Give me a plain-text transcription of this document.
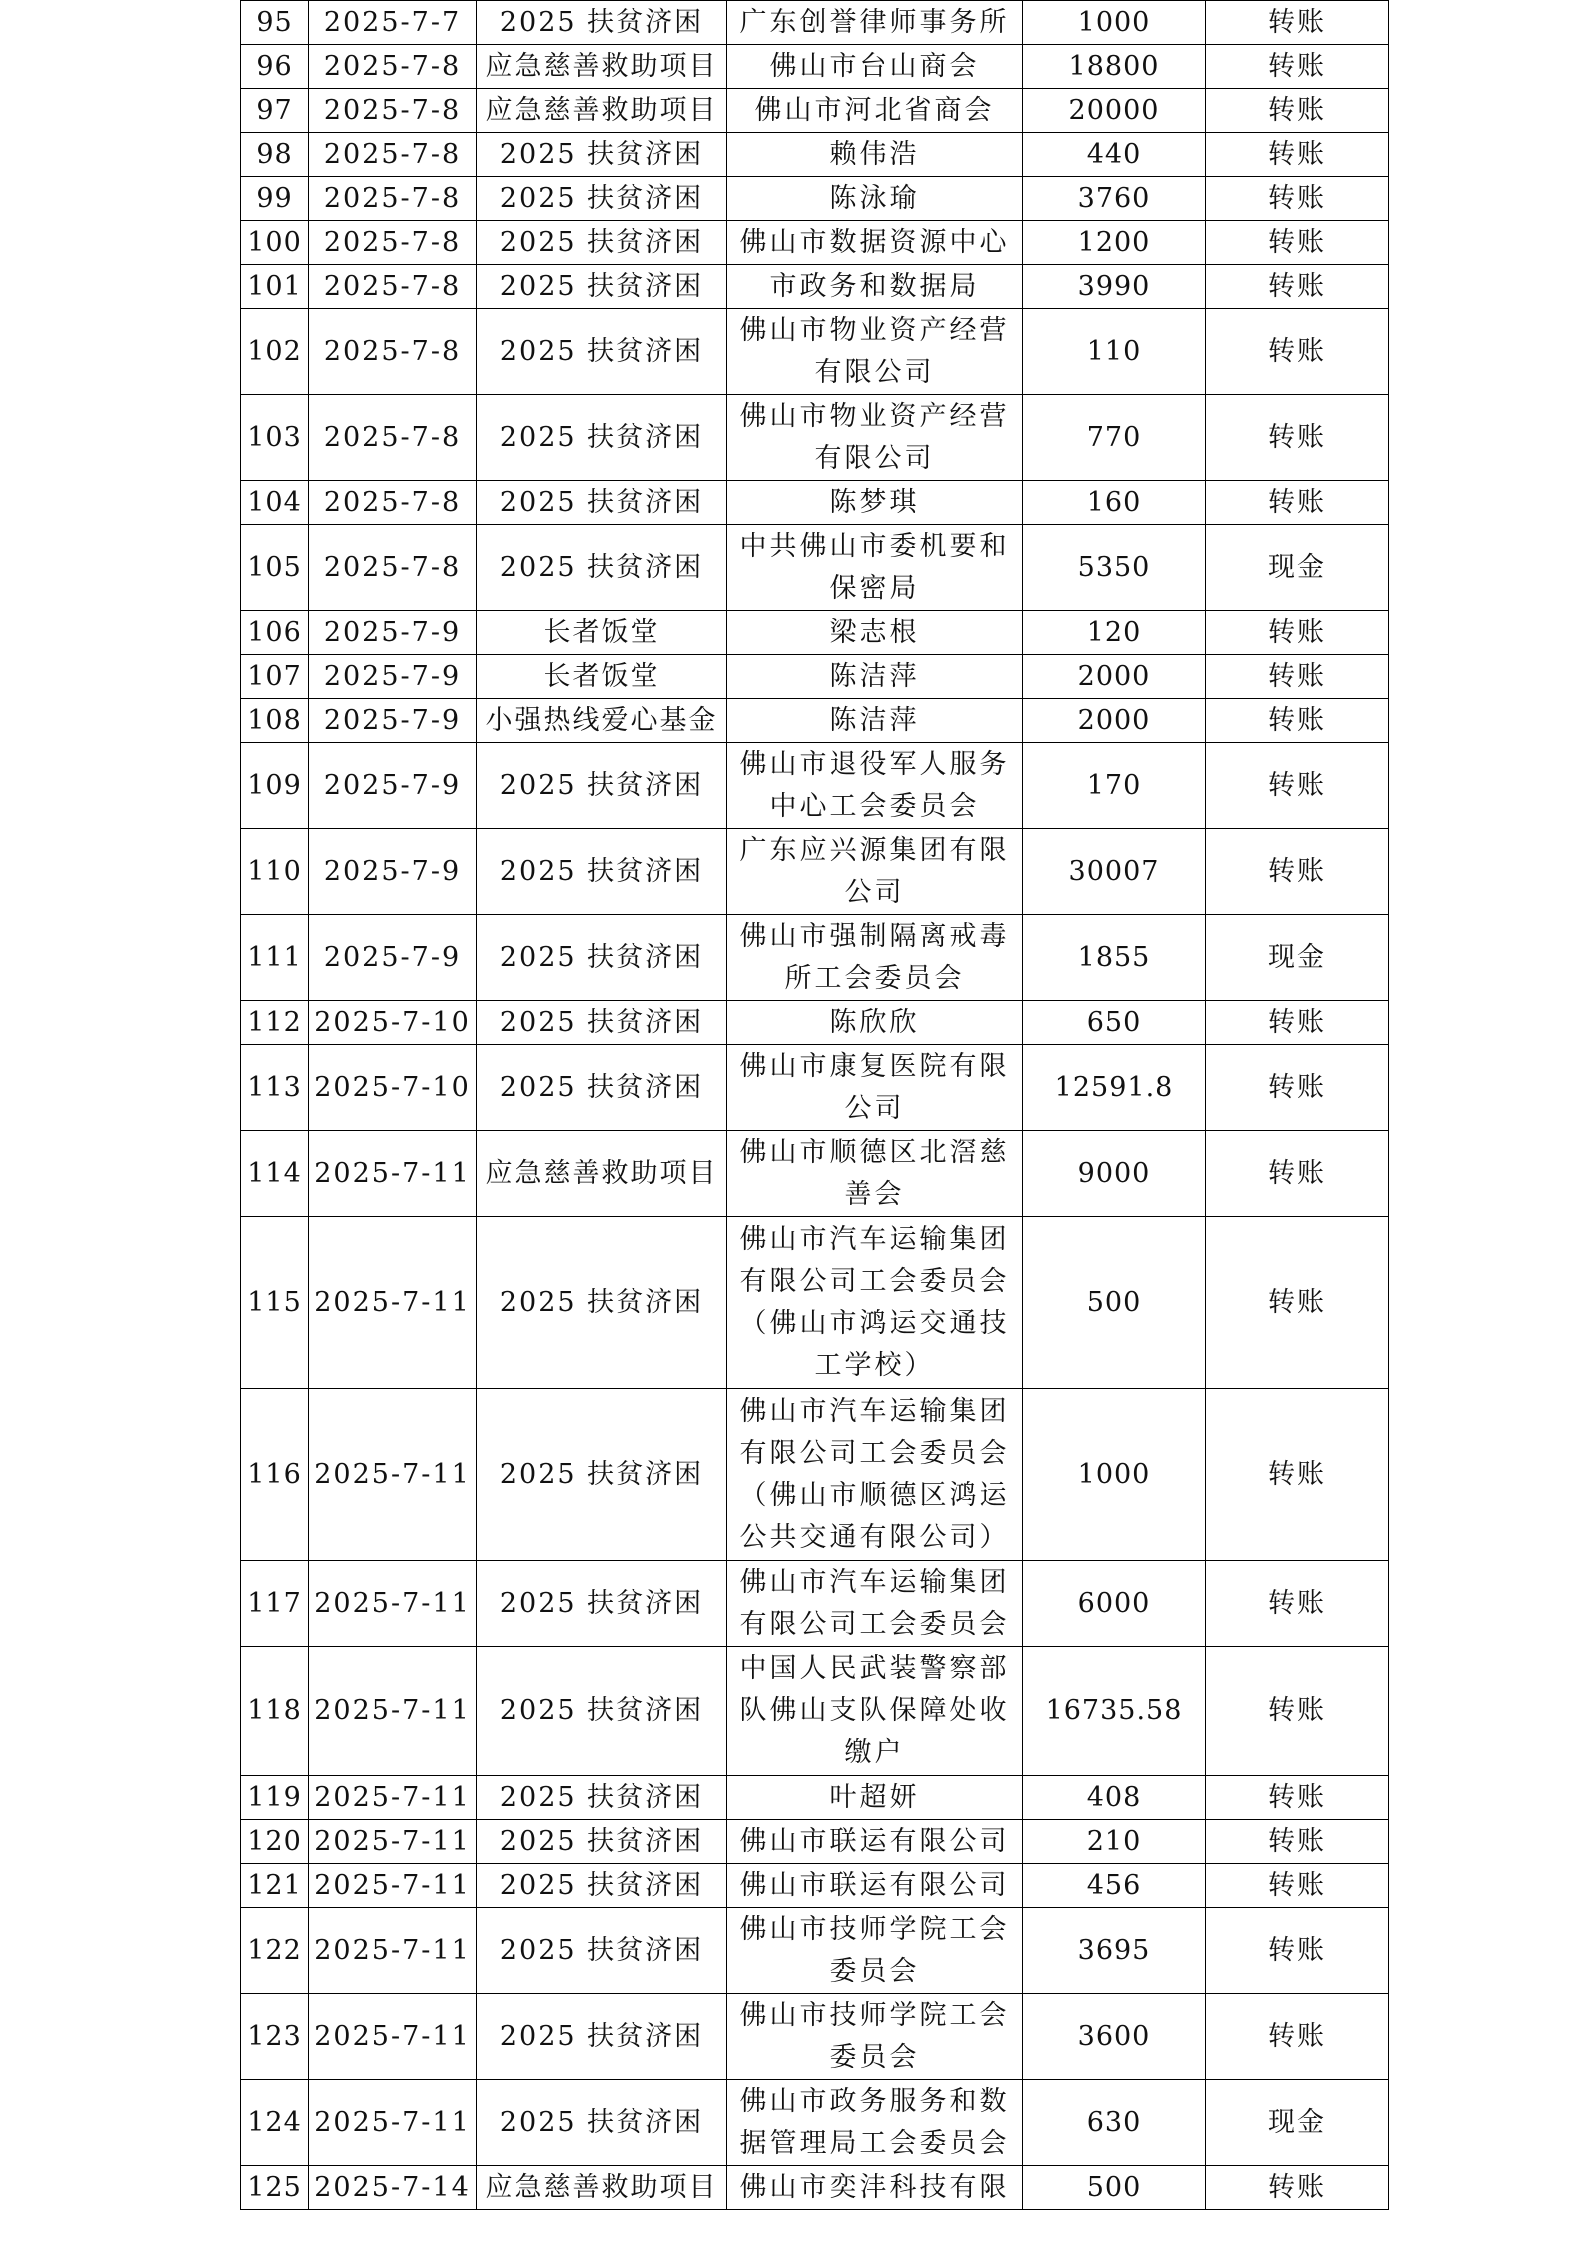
95	2025-7-7	2025 扶贫济困	广东创誉律师事务所	1000	转账
96	2025-7-8	应急慈善救助项目	佛山市台山商会	18800	转账
97	2025-7-8	应急慈善救助项目	佛山市河北省商会	20000	转账
98	2025-7-8	2025 扶贫济困	赖伟浩	440	转账
99	2025-7-8	2025 扶贫济困	陈泳瑜	3760	转账
100	2025-7-8	2025 扶贫济困	佛山市数据资源中心	1200	转账
101	2025-7-8	2025 扶贫济困	市政务和数据局	3990	转账
102	2025-7-8	2025 扶贫济困	佛山市物业资产经营有限公司	110	转账
103	2025-7-8	2025 扶贫济困	佛山市物业资产经营有限公司	770	转账
104	2025-7-8	2025 扶贫济困	陈梦琪	160	转账
105	2025-7-8	2025 扶贫济困	中共佛山市委机要和保密局	5350	现金
106	2025-7-9	长者饭堂	梁志根	120	转账
107	2025-7-9	长者饭堂	陈洁萍	2000	转账
108	2025-7-9	小强热线爱心基金	陈洁萍	2000	转账
109	2025-7-9	2025 扶贫济困	佛山市退役军人服务中心工会委员会	170	转账
110	2025-7-9	2025 扶贫济困	广东应兴源集团有限公司	30007	转账
111	2025-7-9	2025 扶贫济困	佛山市强制隔离戒毒所工会委员会	1855	现金
112	2025-7-10	2025 扶贫济困	陈欣欣	650	转账
113	2025-7-10	2025 扶贫济困	佛山市康复医院有限公司	12591.8	转账
114	2025-7-11	应急慈善救助项目	佛山市顺德区北滘慈善会	9000	转账
115	2025-7-11	2025 扶贫济困	佛山市汽车运输集团有限公司工会委员会（佛山市鸿运交通技工学校）	500	转账
116	2025-7-11	2025 扶贫济困	佛山市汽车运输集团有限公司工会委员会（佛山市顺德区鸿运公共交通有限公司）	1000	转账
117	2025-7-11	2025 扶贫济困	佛山市汽车运输集团有限公司工会委员会	6000	转账
118	2025-7-11	2025 扶贫济困	中国人民武装警察部队佛山支队保障处收缴户	16735.58	转账
119	2025-7-11	2025 扶贫济困	叶超妍	408	转账
120	2025-7-11	2025 扶贫济困	佛山市联运有限公司	210	转账
121	2025-7-11	2025 扶贫济困	佛山市联运有限公司	456	转账
122	2025-7-11	2025 扶贫济困	佛山市技师学院工会委员会	3695	转账
123	2025-7-11	2025 扶贫济困	佛山市技师学院工会委员会	3600	转账
124	2025-7-11	2025 扶贫济困	佛山市政务服务和数据管理局工会委员会	630	现金
125	2025-7-14	应急慈善救助项目	佛山市奕沣科技有限	500	转账
